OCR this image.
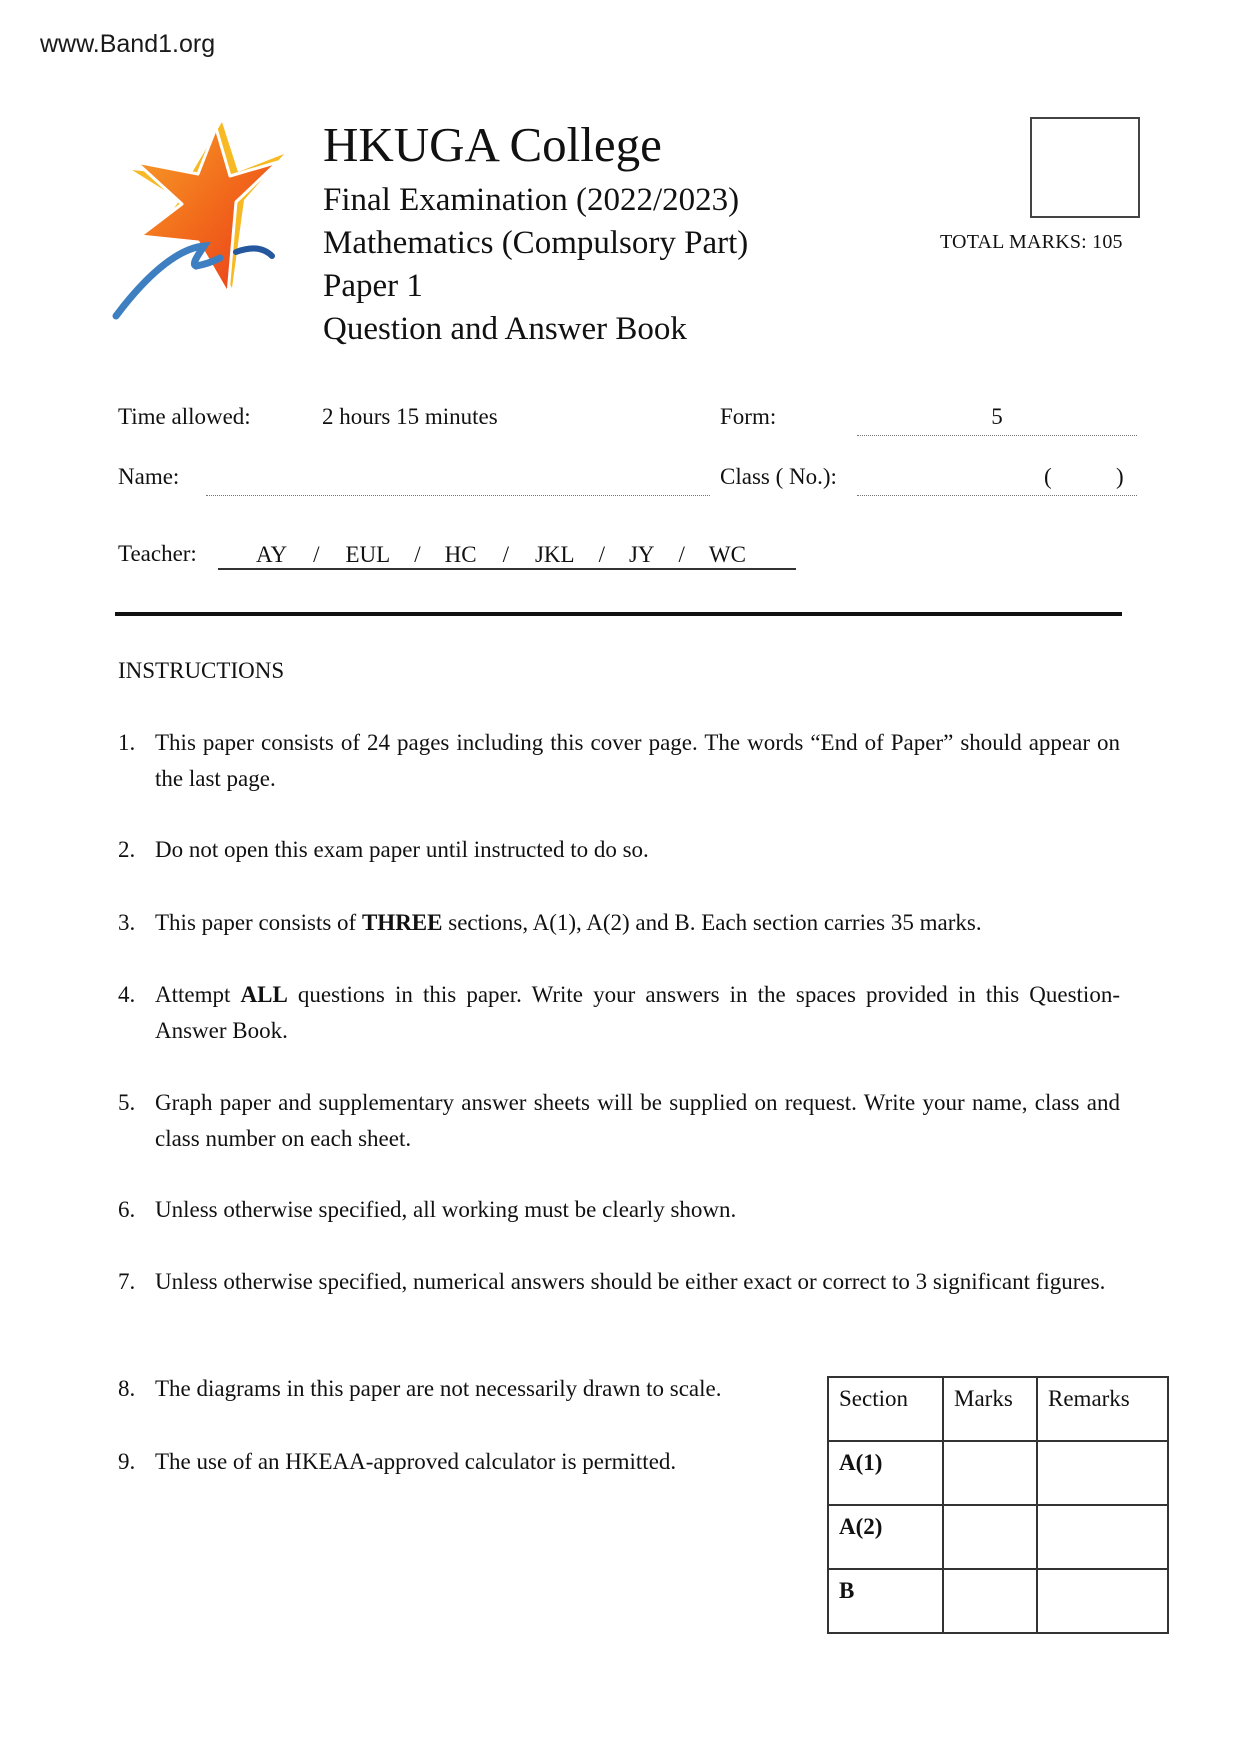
www.Band1.org
HKUGA College
Final Examination (2022/2023)
Mathematics (Compulsory Part)
Paper 1
Question and Answer Book
TOTAL MARKS: 105
Time allowed:	2 hours 15 minutes	Form:	5
Name:	Class ( No.):	(	)
Teacher:	AY / EUL / HC / JKL / JY / WC
INSTRUCTIONS
1. This paper consists of 24 pages including this cover page. The words “End of Paper” should appear on the last page.
2. Do not open this exam paper until instructed to do so.
3. This paper consists of THREE sections, A(1), A(2) and B. Each section carries 35 marks.
4. Attempt ALL questions in this paper. Write your answers in the spaces provided in this Question-Answer Book.
5. Graph paper and supplementary answer sheets will be supplied on request. Write your name, class and class number on each sheet.
6. Unless otherwise specified, all working must be clearly shown.
7. Unless otherwise specified, numerical answers should be either exact or correct to 3 significant figures.
8. The diagrams in this paper are not necessarily drawn to scale.
9. The use of an HKEAA-approved calculator is permitted.
Section	Marks	Remarks
A(1)		
A(2)		
B		
